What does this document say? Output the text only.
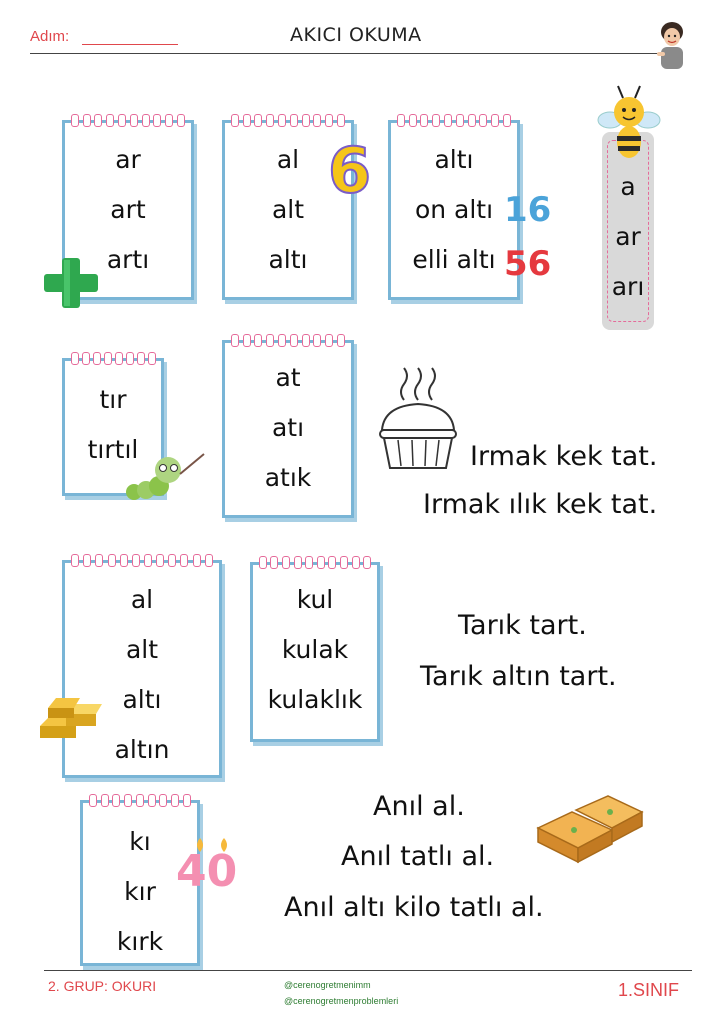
Adım:	AKICI OKUMA
ar
art
artı
al
alt
altı
6	altı
on altı
elli altı
16
56
a
ar
arı
tır
tırtıl
at
atı
atık
Irmak kek tat.
Irmak ılık kek tat.
al
alt
altı
altın
kul
kulak
kulaklık
Tarık tart.
Tarık altın tart.
kı
kır
kırk
40
Anıl al.
Anıl tatlı al.
Anıl altı kilo tatlı al.
2. GRUP: OKURI	@cerenogretmenimm
@cerenogretmenproblemleri
1.SINIF
